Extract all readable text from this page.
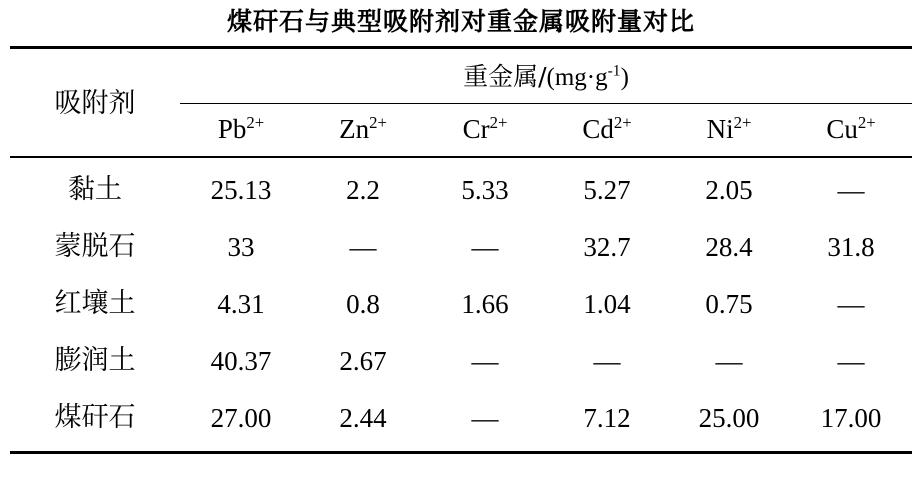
煤矸石与典型吸附剂对重金属吸附量对比

吸附剂	重金属$/(mg\cdot g^{-1})$					
	$Pb^{2+}$	$Zn^{2+}$	$Cr^{2+}$	$Cd^{2+}$	$Ni^{2+}$	$Cu^{2+}$

黏土	25.13	2.2	5.33	5.27	2.05	—
蒙脱石	33	—	—	32.7	28.4	31.8
红壤土	4.31	0.8	1.66	1.04	0.75	—
膨润土	40.37	2.67	—	—	—	—
煤矸石	27.00	2.44	—	7.12	25.00	17.00
